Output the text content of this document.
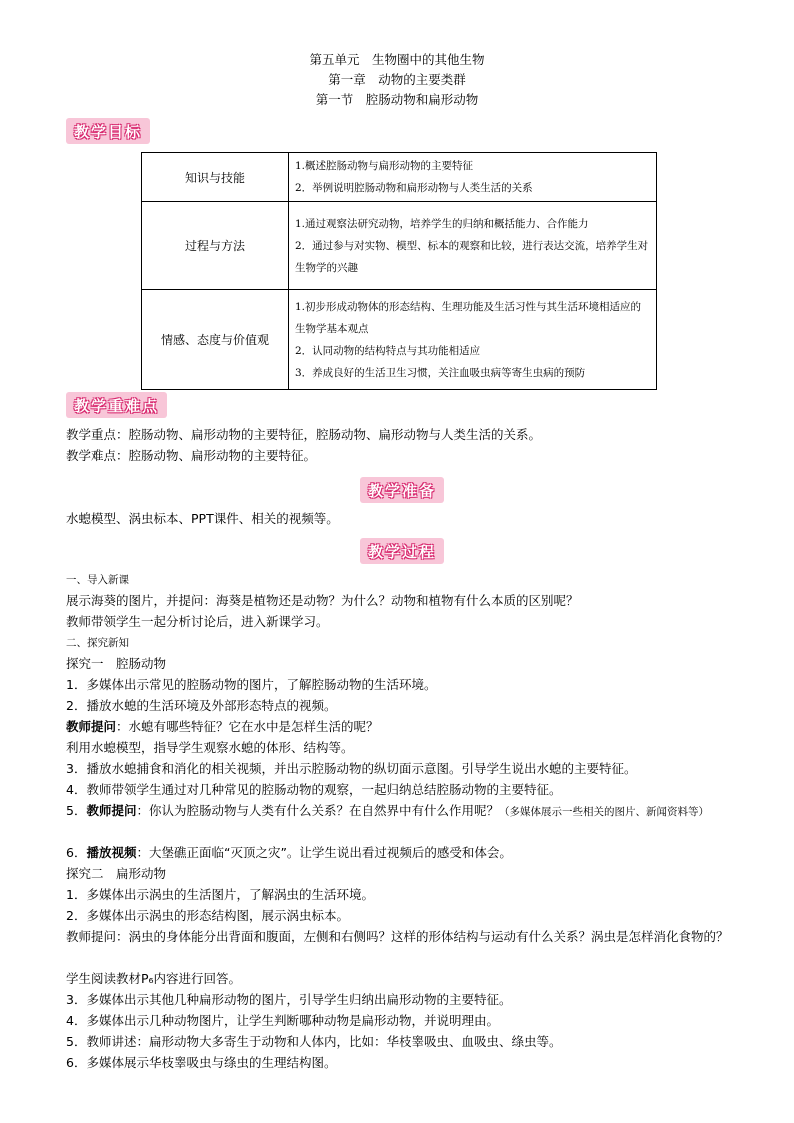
第五单元　生物圈中的其他生物
第一章　动物的主要类群
第一节　腔肠动物和扁形动物
教学目标
知识与技能	1.概述腔肠动物与扁形动物的主要特征
2．举例说明腔肠动物和扁形动物与人类生活的关系

过程与方法	1.通过观察法研究动物，培养学生的归纳和概括能力、合作能力
2．通过参与对实物、模型、标本的观察和比较，进行表达交流，培养学生对生物学的兴趣

情感、态度与价值观	1.初步形成动物体的形态结构、生理功能及生活习性与其生活环境相适应的生物学基本观点
2．认同动物的结构特点与其功能相适应
3．养成良好的生活卫生习惯，关注血吸虫病等寄生虫病的预防
教学重难点
教学重点：腔肠动物、扁形动物的主要特征，腔肠动物、扁形动物与人类生活的关系。
教学难点：腔肠动物、扁形动物的主要特征。
教学准备
水螅模型、涡虫标本、PPT课件、相关的视频等。
教学过程
一、导入新课
展示海葵的图片，并提问：海葵是植物还是动物？为什么？动物和植物有什么本质的区别呢？
教师带领学生一起分析讨论后，进入新课学习。
二、探究新知
探究一　腔肠动物
1．多媒体出示常见的腔肠动物的图片，了解腔肠动物的生活环境。
2．播放水螅的生活环境及外部形态特点的视频。
教师提问：水螅有哪些特征？它在水中是怎样生活的呢？
利用水螅模型，指导学生观察水螅的体形、结构等。
3．播放水螅捕食和消化的相关视频，并出示腔肠动物的纵切面示意图。引导学生说出水螅的主要特征。
4．教师带领学生通过对几种常见的腔肠动物的观察，一起归纳总结腔肠动物的主要特征。
5．教师提问：你认为腔肠动物与人类有什么关系？在自然界中有什么作用呢？（多媒体展示一些相关的图片、新闻资料等）
6．播放视频：大堡礁正面临“灭顶之灾”。让学生说出看过视频后的感受和体会。
探究二　扁形动物
1．多媒体出示涡虫的生活图片，了解涡虫的生活环境。
2．多媒体出示涡虫的形态结构图，展示涡虫标本。
教师提问：涡虫的身体能分出背面和腹面，左侧和右侧吗？这样的形体结构与运动有什么关系？涡虫是怎样消化食物的？
学生阅读教材P₆内容进行回答。
3．多媒体出示其他几种扁形动物的图片，引导学生归纳出扁形动物的主要特征。
4．多媒体出示几种动物图片，让学生判断哪种动物是扁形动物，并说明理由。
5．教师讲述：扁形动物大多寄生于动物和人体内，比如：华枝睾吸虫、血吸虫、绦虫等。
6．多媒体展示华枝睾吸虫与绦虫的生理结构图。
